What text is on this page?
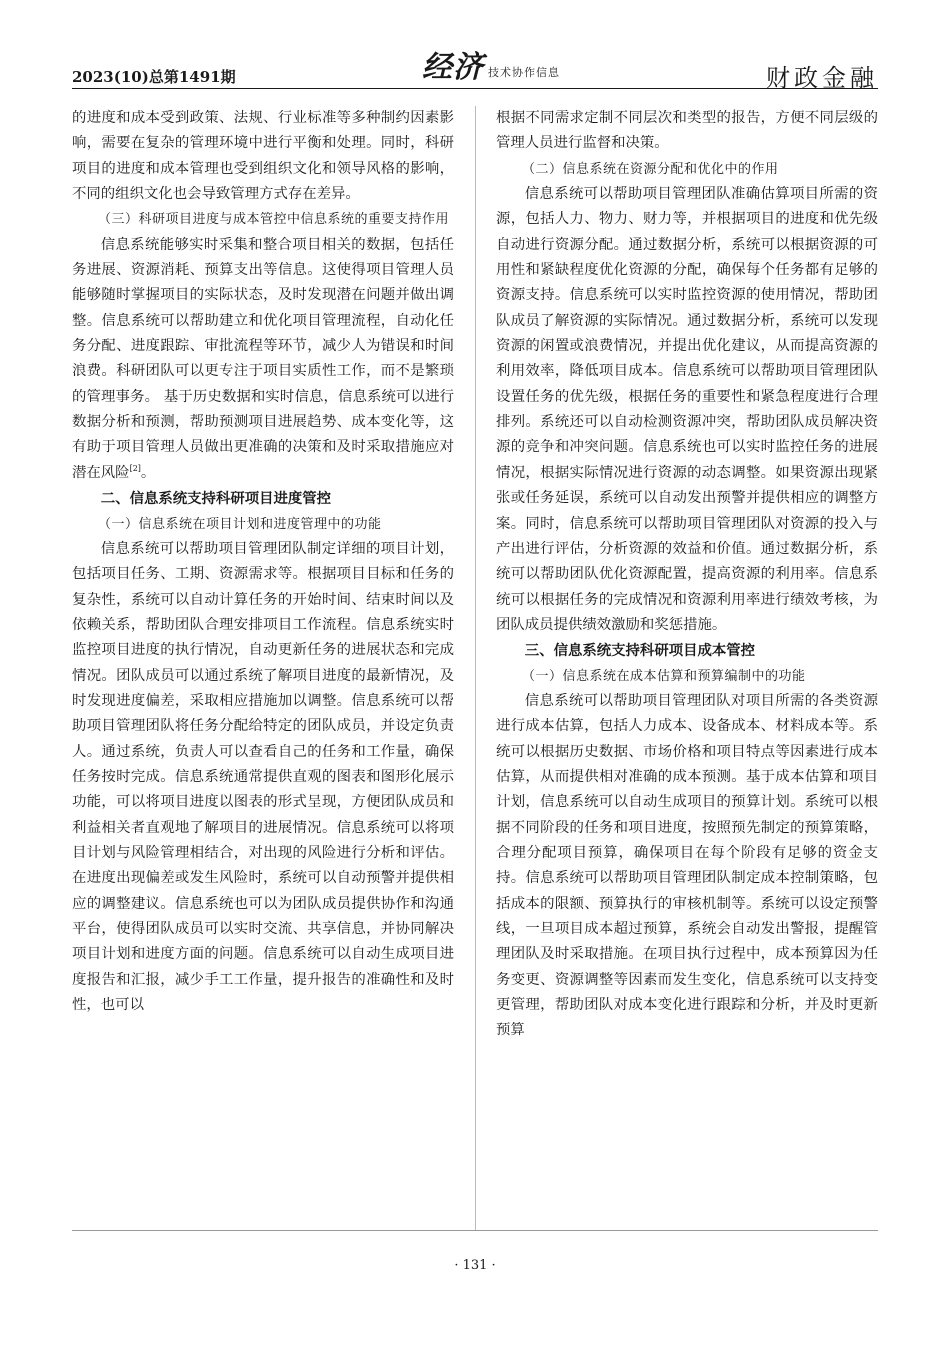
2023(10)总第1491期	经济 技术协作信息	财政金融

的进度和成本受到政策、法规、行业标准等多种制约因素影响，需要在复杂的管理环境中进行平衡和处理。同时，科研项目的进度和成本管理也受到组织文化和领导风格的影响，不同的组织文化也会导致管理方式存在差异。

（三）科研项目进度与成本管控中信息系统的重要支持作用

信息系统能够实时采集和整合项目相关的数据，包括任务进展、资源消耗、预算支出等信息。这使得项目管理人员能够随时掌握项目的实际状态，及时发现潜在问题并做出调整。信息系统可以帮助建立和优化项目管理流程，自动化任务分配、进度跟踪、审批流程等环节，减少人为错误和时间浪费。科研团队可以更专注于项目实质性工作，而不是繁琐的管理事务。 基于历史数据和实时信息，信息系统可以进行数据分析和预测，帮助预测项目进展趋势、成本变化等，这有助于项目管理人员做出更准确的决策和及时采取措施应对潜在风险[2]。

二、信息系统支持科研项目进度管控
（一）信息系统在项目计划和进度管理中的功能

信息系统可以帮助项目管理团队制定详细的项目计划，包括项目任务、工期、资源需求等。根据项目目标和任务的复杂性，系统可以自动计算任务的开始时间、结束时间以及依赖关系，帮助团队合理安排项目工作流程。信息系统实时监控项目进度的执行情况，自动更新任务的进展状态和完成情况。团队成员可以通过系统了解项目进度的最新情况，及时发现进度偏差，采取相应措施加以调整。信息系统可以帮助项目管理团队将任务分配给特定的团队成员，并设定负责人。通过系统，负责人可以查看自己的任务和工作量，确保任务按时完成。信息系统通常提供直观的图表和图形化展示功能，可以将项目进度以图表的形式呈现，方便团队成员和利益相关者直观地了解项目的进展情况。信息系统可以将项目计划与风险管理相结合，对出现的风险进行分析和评估。在进度出现偏差或发生风险时，系统可以自动预警并提供相应的调整建议。信息系统也可以为团队成员提供协作和沟通平台，使得团队成员可以实时交流、共享信息，并协同解决项目计划和进度方面的问题。信息系统可以自动生成项目进度报告和汇报，减少手工工作量，提升报告的准确性和及时性，也可以

根据不同需求定制不同层次和类型的报告，方便不同层级的管理人员进行监督和决策。

（二）信息系统在资源分配和优化中的作用

信息系统可以帮助项目管理团队准确估算项目所需的资源，包括人力、物力、财力等，并根据项目的进度和优先级自动进行资源分配。通过数据分析，系统可以根据资源的可用性和紧缺程度优化资源的分配，确保每个任务都有足够的资源支持。信息系统可以实时监控资源的使用情况，帮助团队成员了解资源的实际情况。通过数据分析，系统可以发现资源的闲置或浪费情况，并提出优化建议，从而提高资源的利用效率，降低项目成本。信息系统可以帮助项目管理团队设置任务的优先级，根据任务的重要性和紧急程度进行合理排列。系统还可以自动检测资源冲突，帮助团队成员解决资源的竞争和冲突问题。信息系统也可以实时监控任务的进展情况，根据实际情况进行资源的动态调整。如果资源出现紧张或任务延误，系统可以自动发出预警并提供相应的调整方案。同时，信息系统可以帮助项目管理团队对资源的投入与产出进行评估，分析资源的效益和价值。通过数据分析，系统可以帮助团队优化资源配置，提高资源的利用率。信息系统可以根据任务的完成情况和资源利用率进行绩效考核，为团队成员提供绩效激励和奖惩措施。

三、信息系统支持科研项目成本管控
（一）信息系统在成本估算和预算编制中的功能

信息系统可以帮助项目管理团队对项目所需的各类资源进行成本估算，包括人力成本、设备成本、材料成本等。系统可以根据历史数据、市场价格和项目特点等因素进行成本估算，从而提供相对准确的成本预测。基于成本估算和项目计划，信息系统可以自动生成项目的预算计划。系统可以根据不同阶段的任务和项目进度，按照预先制定的预算策略，合理分配项目预算，确保项目在每个阶段有足够的资金支持。信息系统可以帮助项目管理团队制定成本控制策略，包括成本的限额、预算执行的审核机制等。系统可以设定预警线，一旦项目成本超过预算，系统会自动发出警报，提醒管理团队及时采取措施。在项目执行过程中，成本预算因为任务变更、资源调整等因素而发生变化，信息系统可以支持变更管理，帮助团队对成本变化进行跟踪和分析，并及时更新预算

· 131 ·
